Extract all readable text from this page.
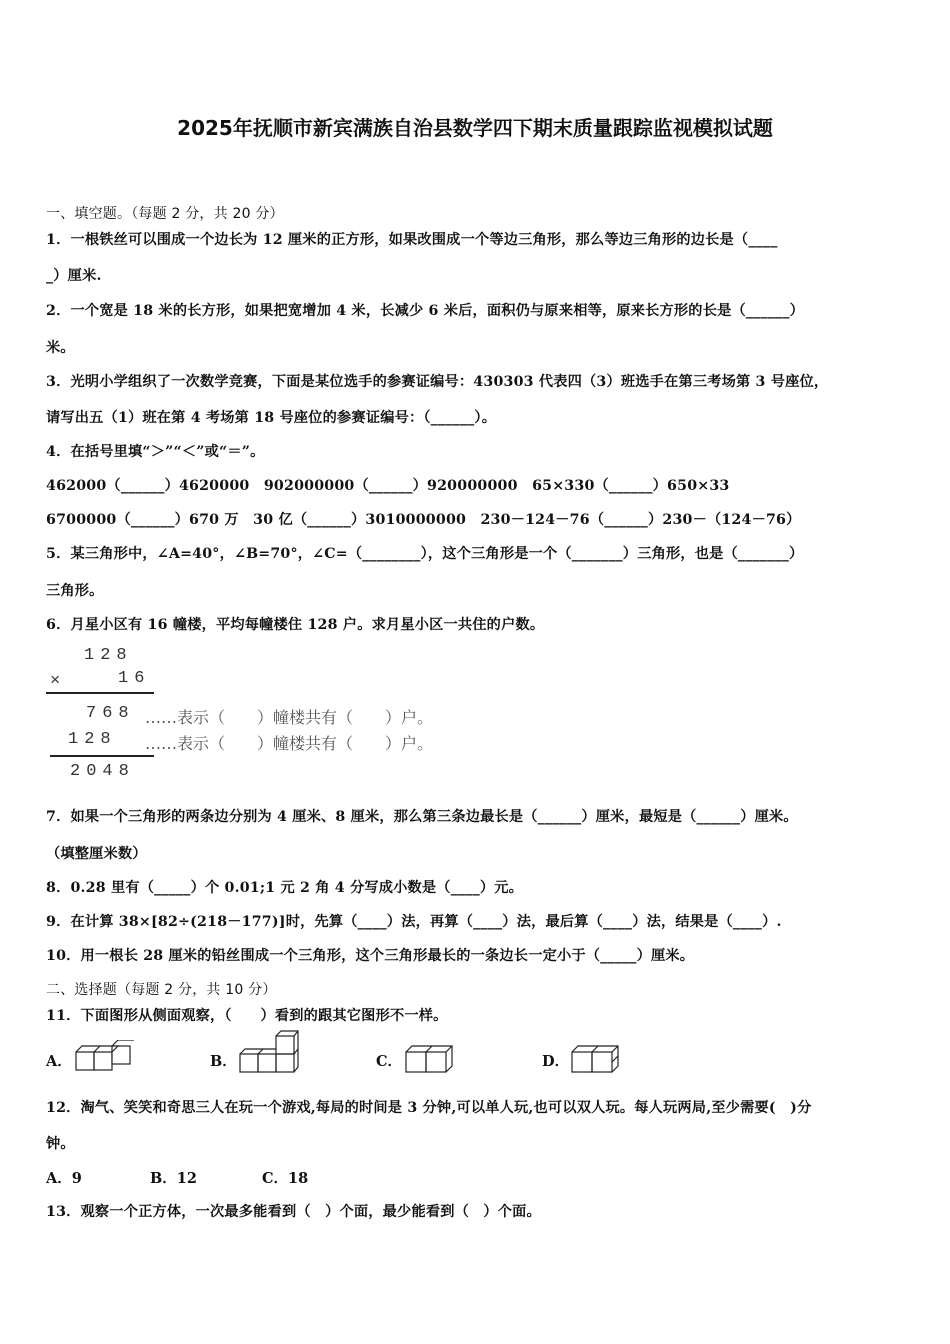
2025年抚顺市新宾满族自治县数学四下期末质量跟踪监视模拟试题
一、填空题。（每题 2 分，共 20 分）
1．一根铁丝可以围成一个边长为 12 厘米的正方形，如果改围成一个等边三角形，那么等边三角形的边长是（____
_）厘米.
2．一个宽是 18 米的长方形，如果把宽增加 4 米，长减少 6 米后，面积仍与原来相等，原来长方形的长是（______）
米。
3．光明小学组织了一次数学竞赛，下面是某位选手的参赛证编号：430303 代表四（3）班选手在第三考场第 3 号座位，
请写出五（1）班在第 4 考场第 18 号座位的参赛证编号：（______）。
4．在括号里填“＞”“＜”或“＝”。
462000（______）4620000　902000000（______）920000000　65×330（______）650×33
6700000（______）670 万　30 亿（______）3010000000　230－124－76（______）230－（124－76）
5．某三角形中，∠A=40°，∠B=70°，∠C=（________），这个三角形是一个（_______）三角形，也是（_______）
三角形。
6．月星小区有 16 幢楼，平均每幢楼住 128 户。求月星小区一共住的户数。
128
×	16
768 ……表示（　　）幢楼共有（　　）户。
128 ……表示（　　）幢楼共有（　　）户。
2048
7．如果一个三角形的两条边分别为 4 厘米、8 厘米，那么第三条边最长是（______）厘米，最短是（______）厘米。
（填整厘米数）
8．0.28 里有（_____）个 0.01;1 元 2 角 4 分写成小数是（____）元。
9．在计算 38×[82÷(218－177)]时，先算（____）法，再算（____）法，最后算（____）法，结果是（____）.
10．用一根长 28 厘米的铅丝围成一个三角形，这个三角形最长的一条边长一定小于（_____）厘米。
二、选择题（每题 2 分，共 10 分）
11．下面图形从侧面观察，（　　）看到的跟其它图形不一样。
A．	B．	C．	D．
12．淘气、笑笑和奇思三人在玩一个游戏,每局的时间是 3 分钟,可以单人玩,也可以双人玩。每人玩两局,至少需要(　)分
钟。
A．9	B．12	C．18
13．观察一个正方体，一次最多能看到（　）个面，最少能看到（　）个面。
